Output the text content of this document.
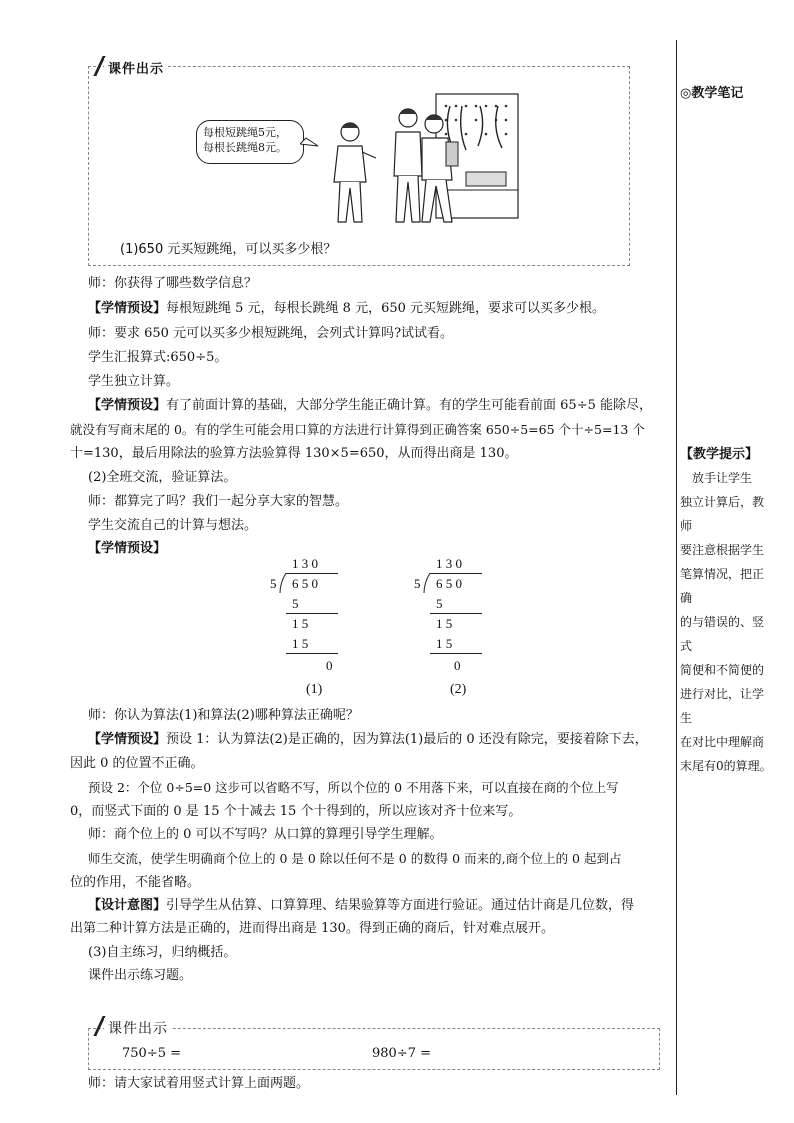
◎教学笔记
【教学提示】
放手让学生
独立计算后，教师
要注意根据学生
笔算情况，把正确
的与错误的、竖式
简便和不简便的
进行对比，让学生
在对比中理解商
末尾有0的算理。
课件出示
每根短跳绳5元，
每根长跳绳8元。

(1)650 元买短跳绳，可以买多少根？

师：你获得了哪些数学信息？

【学情预设】每根短跳绳 5 元，每根长跳绳 8 元，650 元买短跳绳，要求可以买多少根。

师：要求 650 元可以买多少根短跳绳，会列式计算吗?试试看。

学生汇报算式:650÷5。

学生独立计算。

【学情预设】有了前面计算的基础，大部分学生能正确计算。有的学生可能看前面 65÷5 能除尽，

就没有写商末尾的 0。有的学生可能会用口算的方法进行计算得到正确答案 650÷5=65 个十÷5=13 个

十=130，最后用除法的验算方法验算得 130×5=650，从而得出商是 130。

(2)全班交流，验证算法。

师：都算完了吗？我们一起分享大家的智慧。

学生交流自己的计算与想法。

【学情预设】

1 3 0
5 6 5 0
5
1 5
1 5
0
(1)
1 3 0
5 6 5 0
5
1 5
1 5
0
(2)

师：你认为算法(1)和算法(2)哪种算法正确呢？

【学情预设】预设 1：认为算法(2)是正确的，因为算法(1)最后的 0 还没有除完，要接着除下去，

因此 0 的位置不正确。

预设 2：个位 0÷5=0 这步可以省略不写，所以个位的 0 不用落下来，可以直接在商的个位上写

0，而竖式下面的 0 是 15 个十减去 15 个十得到的，所以应该对齐十位来写。

师：商个位上的 0 可以不写吗？从口算的算理引导学生理解。

师生交流，使学生明确商个位上的 0 是 0 除以任何不是 0 的数得 0 而来的,商个位上的 0 起到占

位的作用，不能省略。

【设计意图】引导学生从估算、口算算理、结果验算等方面进行验证。通过估计商是几位数，得

出第二种计算方法是正确的，进而得出商是 130。得到正确的商后，针对难点展开。

(3)自主练习，归纳概括。

课件出示练习题。

课件出示

750÷5 =	980÷7 =

师：请大家试着用竖式计算上面两题。
